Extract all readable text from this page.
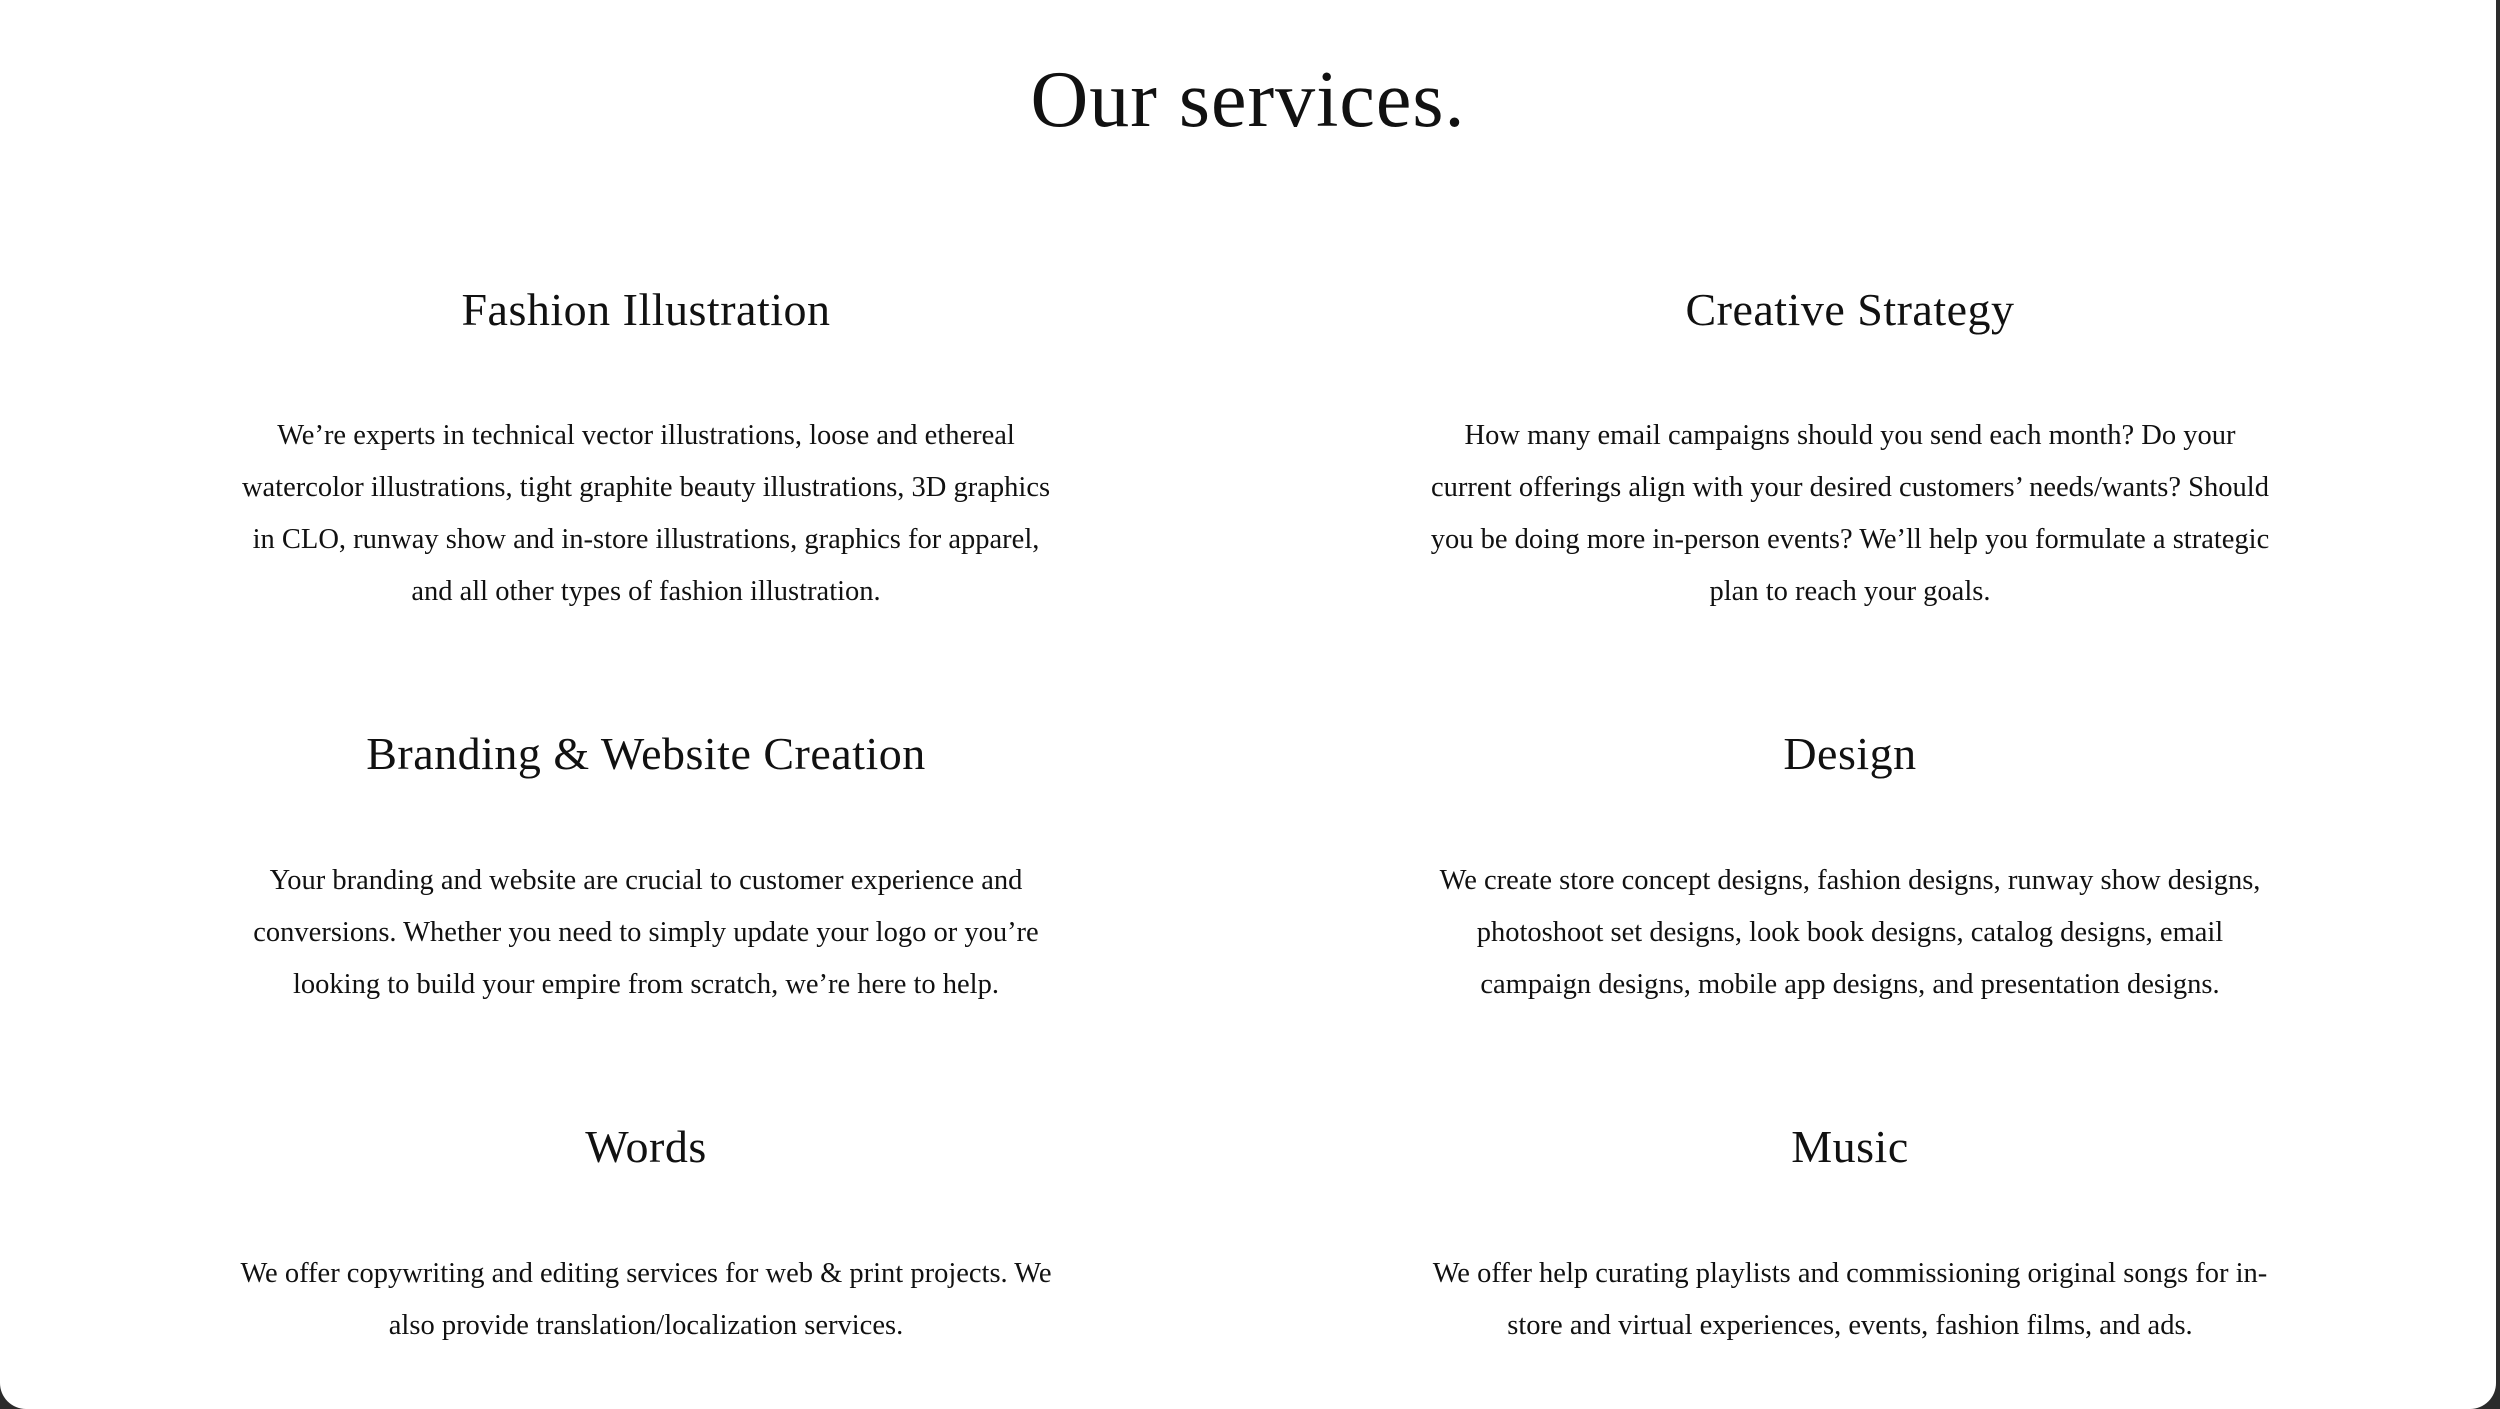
Our services.
Fashion Illustration

We’re experts in technical vector illustrations, loose and ethereal watercolor illustrations, tight graphite beauty illustrations, 3D graphics in CLO, runway show and in-store illustrations, graphics for apparel, and all other types of fashion illustration.

Creative Strategy

How many email campaigns should you send each month? Do your current offerings align with your desired customers’ needs/wants? Should you be doing more in-person events? We’ll help you formulate a strategic plan to reach your goals.

Branding & Website Creation

Your branding and website are crucial to customer experience and conversions. Whether you need to simply update your logo or you’re looking to build your empire from scratch, we’re here to help.

Design

We create store concept designs, fashion designs, runway show designs, photoshoot set designs, look book designs, catalog designs, email campaign designs, mobile app designs, and presentation designs.

Words

We offer copywriting and editing services for web & print projects. We also provide translation/localization services.

Music

We offer help curating playlists and commissioning original songs for in-store and virtual experiences, events, fashion films, and ads.
